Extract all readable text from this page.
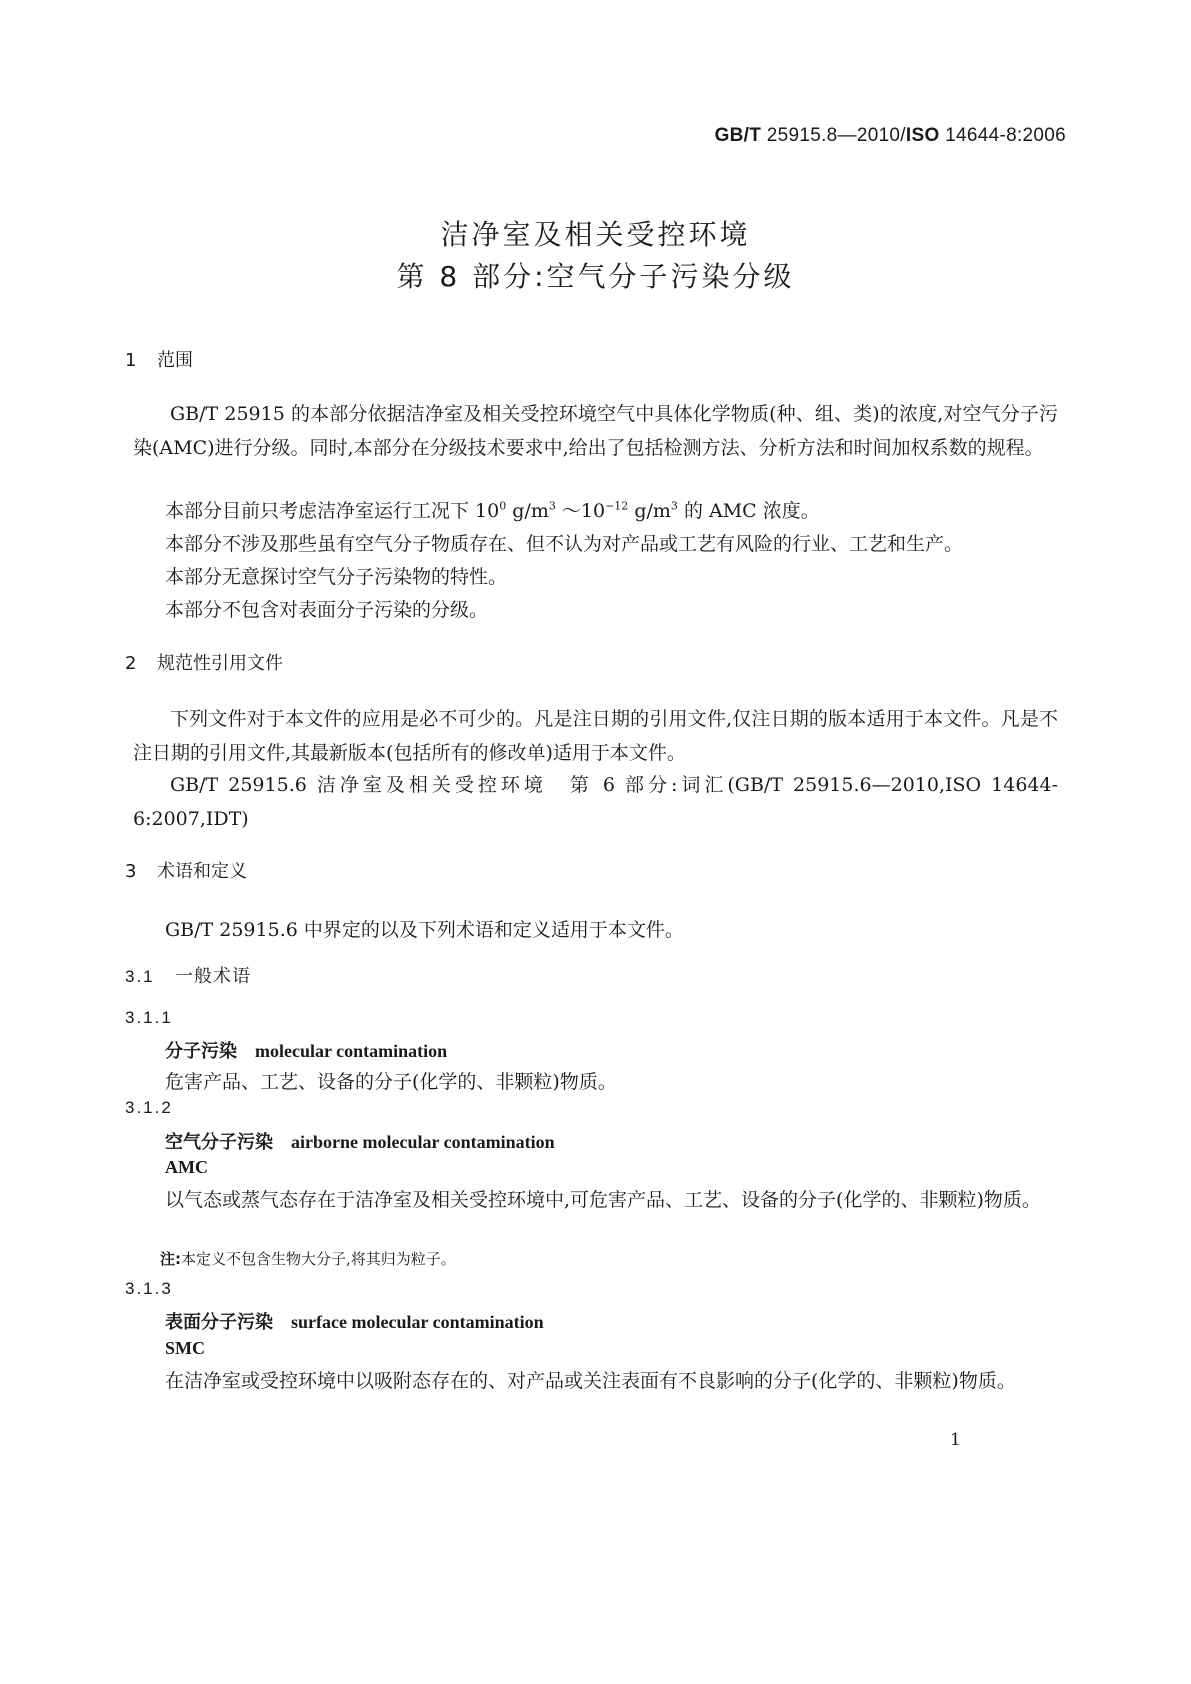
GB/T 25915.8—2010/ISO 14644-8:2006
洁净室及相关受控环境
第 8 部分:空气分子污染分级
1 范围
GB/T 25915 的本部分依据洁净室及相关受控环境空气中具体化学物质(种、组、类)的浓度,对空气分子污染(AMC)进行分级。同时,本部分在分级技术要求中,给出了包括检测方法、分析方法和时间加权系数的规程。
本部分目前只考虑洁净室运行工况下 $10^0$ $g/m^3$ $\sim 10^{-12}$ $g/m^3$ 的 AMC 浓度。
本部分不涉及那些虽有空气分子物质存在、但不认为对产品或工艺有风险的行业、工艺和生产。
本部分无意探讨空气分子污染物的特性。
本部分不包含对表面分子污染的分级。
2 规范性引用文件
下列文件对于本文件的应用是必不可少的。凡是注日期的引用文件,仅注日期的版本适用于本文件。凡是不注日期的引用文件,其最新版本(包括所有的修改单)适用于本文件。
GB/T 25915.6 洁净室及相关受控环境　第 6 部分:词汇(GB/T 25915.6—2010,ISO 14644-6:2007,IDT)
3 术语和定义
GB/T 25915.6 中界定的以及下列术语和定义适用于本文件。
3.1 一般术语
3.1.1
分子污染 molecular contamination
危害产品、工艺、设备的分子(化学的、非颗粒)物质。
3.1.2
空气分子污染 airborne molecular contamination
AMC
以气态或蒸气态存在于洁净室及相关受控环境中,可危害产品、工艺、设备的分子(化学的、非颗粒)物质。
注:本定义不包含生物大分子,将其归为粒子。
3.1.3
表面分子污染 surface molecular contamination
SMC
在洁净室或受控环境中以吸附态存在的、对产品或关注表面有不良影响的分子(化学的、非颗粒)物质。
1
